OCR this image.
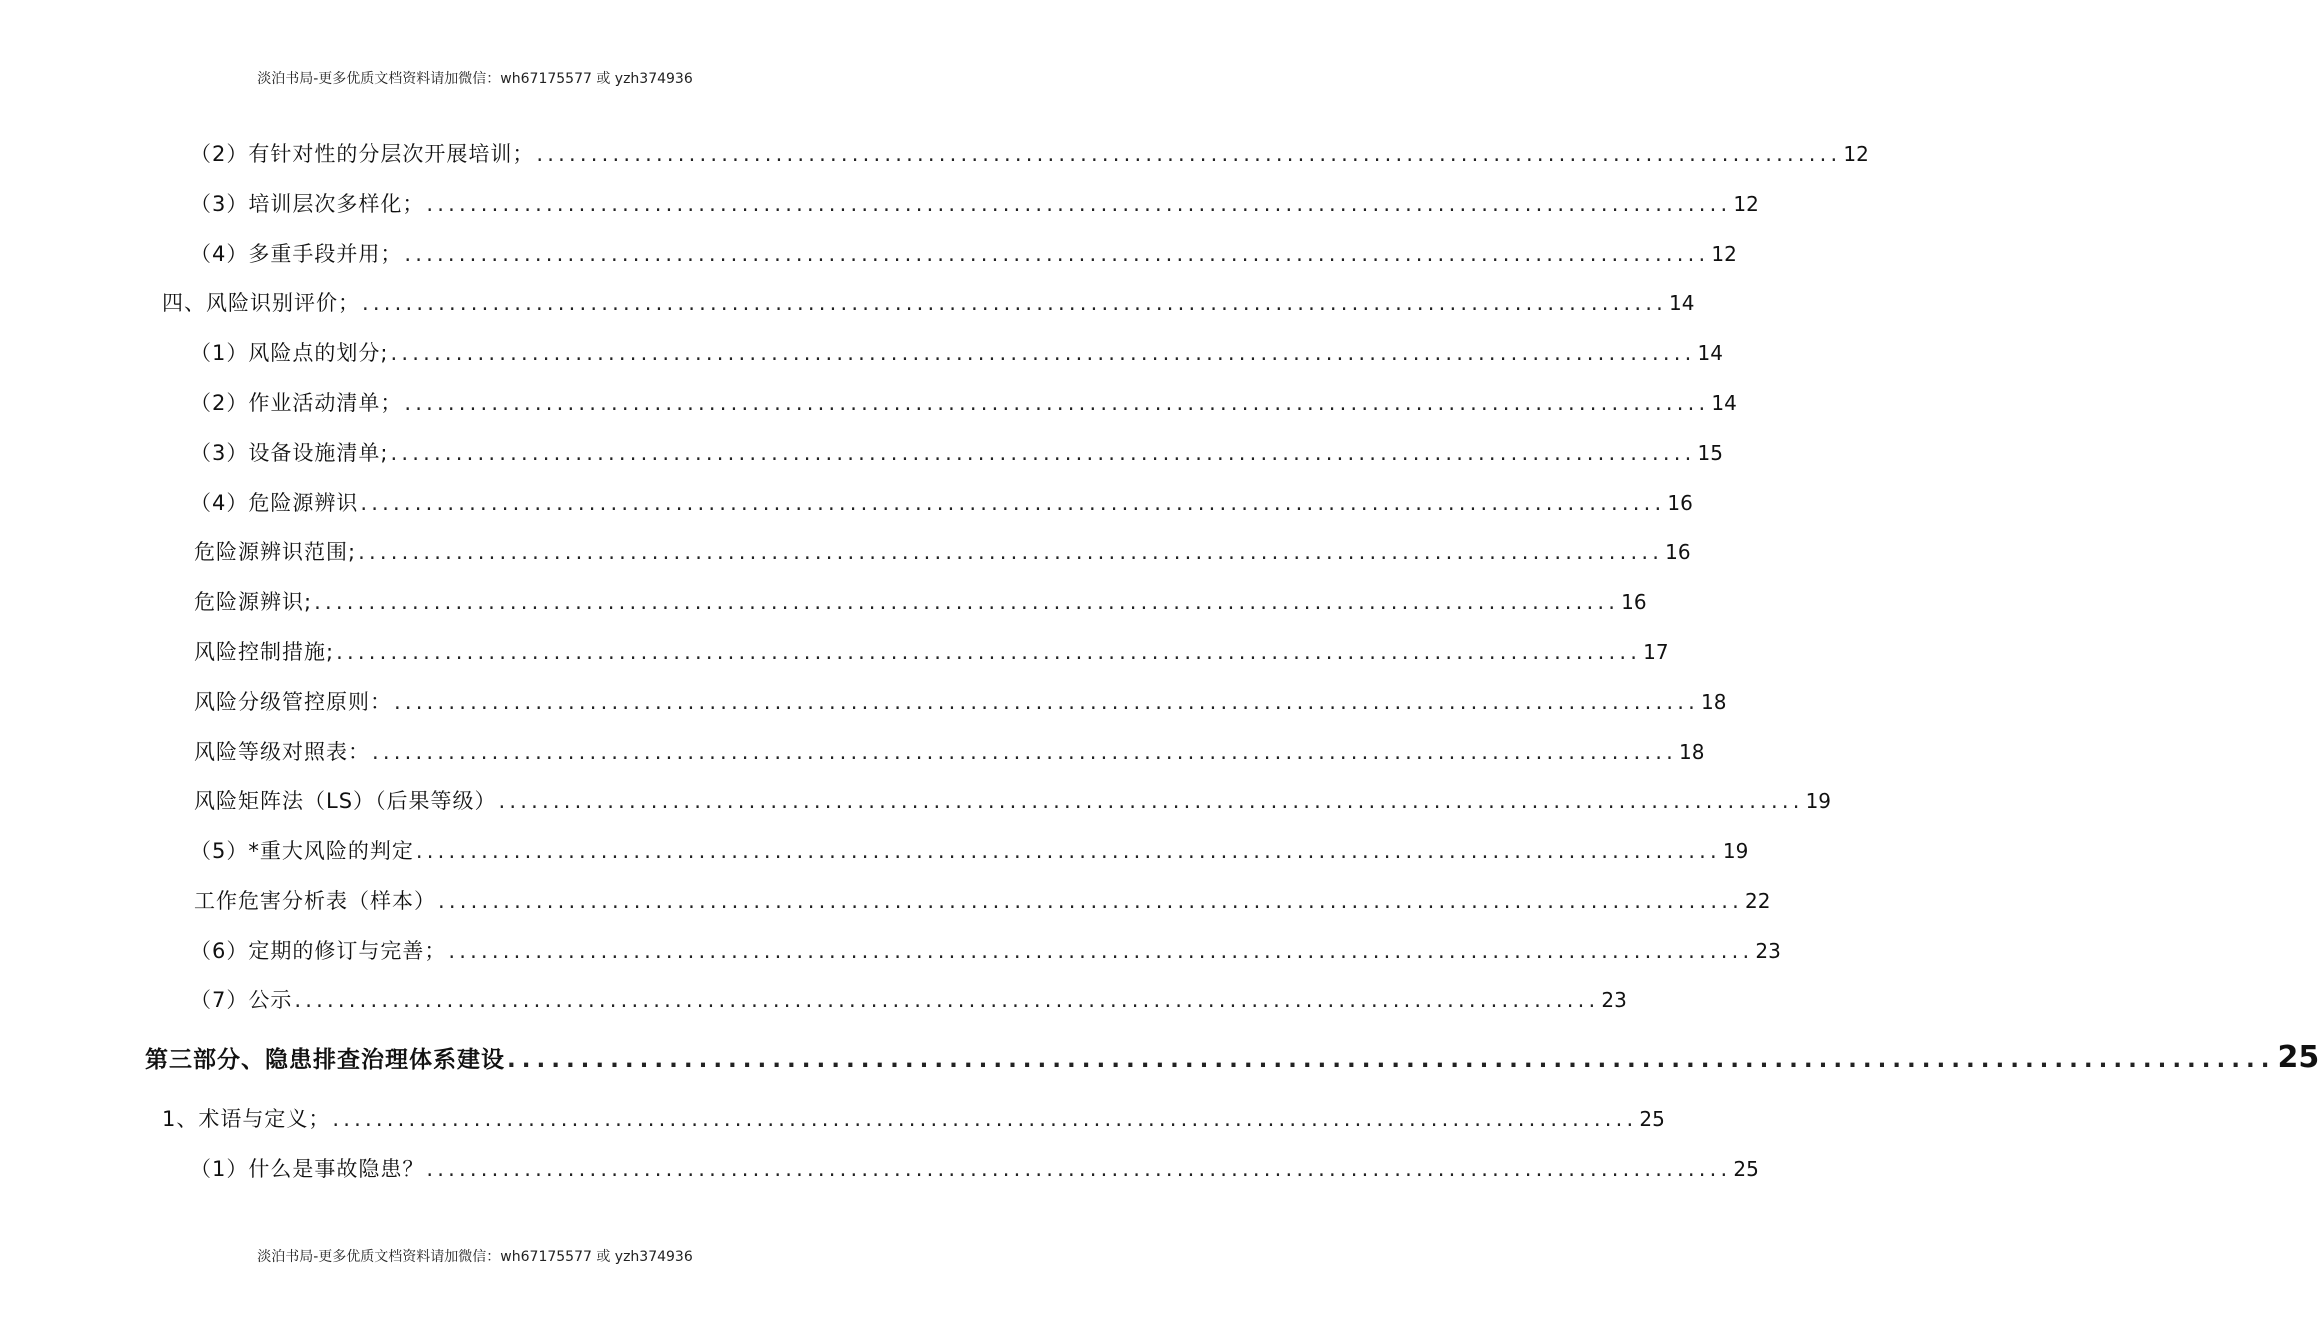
淡泊书局-更多优质文档资料请加微信：wh67175577 或 yzh374936
（2）有针对性的分层次开展培训； ........................................................................................................................ 12
（3）培训层次多样化； ........................................................................................................................ 12
（4）多重手段并用； ........................................................................................................................ 12
四、风险识别评价； ........................................................................................................................ 14
（1）风险点的划分; ........................................................................................................................ 14
（2）作业活动清单； ........................................................................................................................ 14
（3）设备设施清单; ........................................................................................................................ 15
（4）危险源辨识 ........................................................................................................................ 16
危险源辨识范围; ........................................................................................................................ 16
危险源辨识; ........................................................................................................................ 16
风险控制措施; ........................................................................................................................ 17
风险分级管控原则： ........................................................................................................................ 18
风险等级对照表： ........................................................................................................................ 18
风险矩阵法（LS）（后果等级） ........................................................................................................................ 19
（5）*重大风险的判定 ........................................................................................................................ 19
工作危害分析表（样本） ........................................................................................................................ 22
（6）定期的修订与完善； ........................................................................................................................ 23
（7）公示 ........................................................................................................................ 23
第三部分、隐患排查治理体系建设 ........................................................................................................................ 25
1、术语与定义； ........................................................................................................................ 25
（1）什么是事故隐患？ ........................................................................................................................ 25
淡泊书局-更多优质文档资料请加微信：wh67175577 或 yzh374936
